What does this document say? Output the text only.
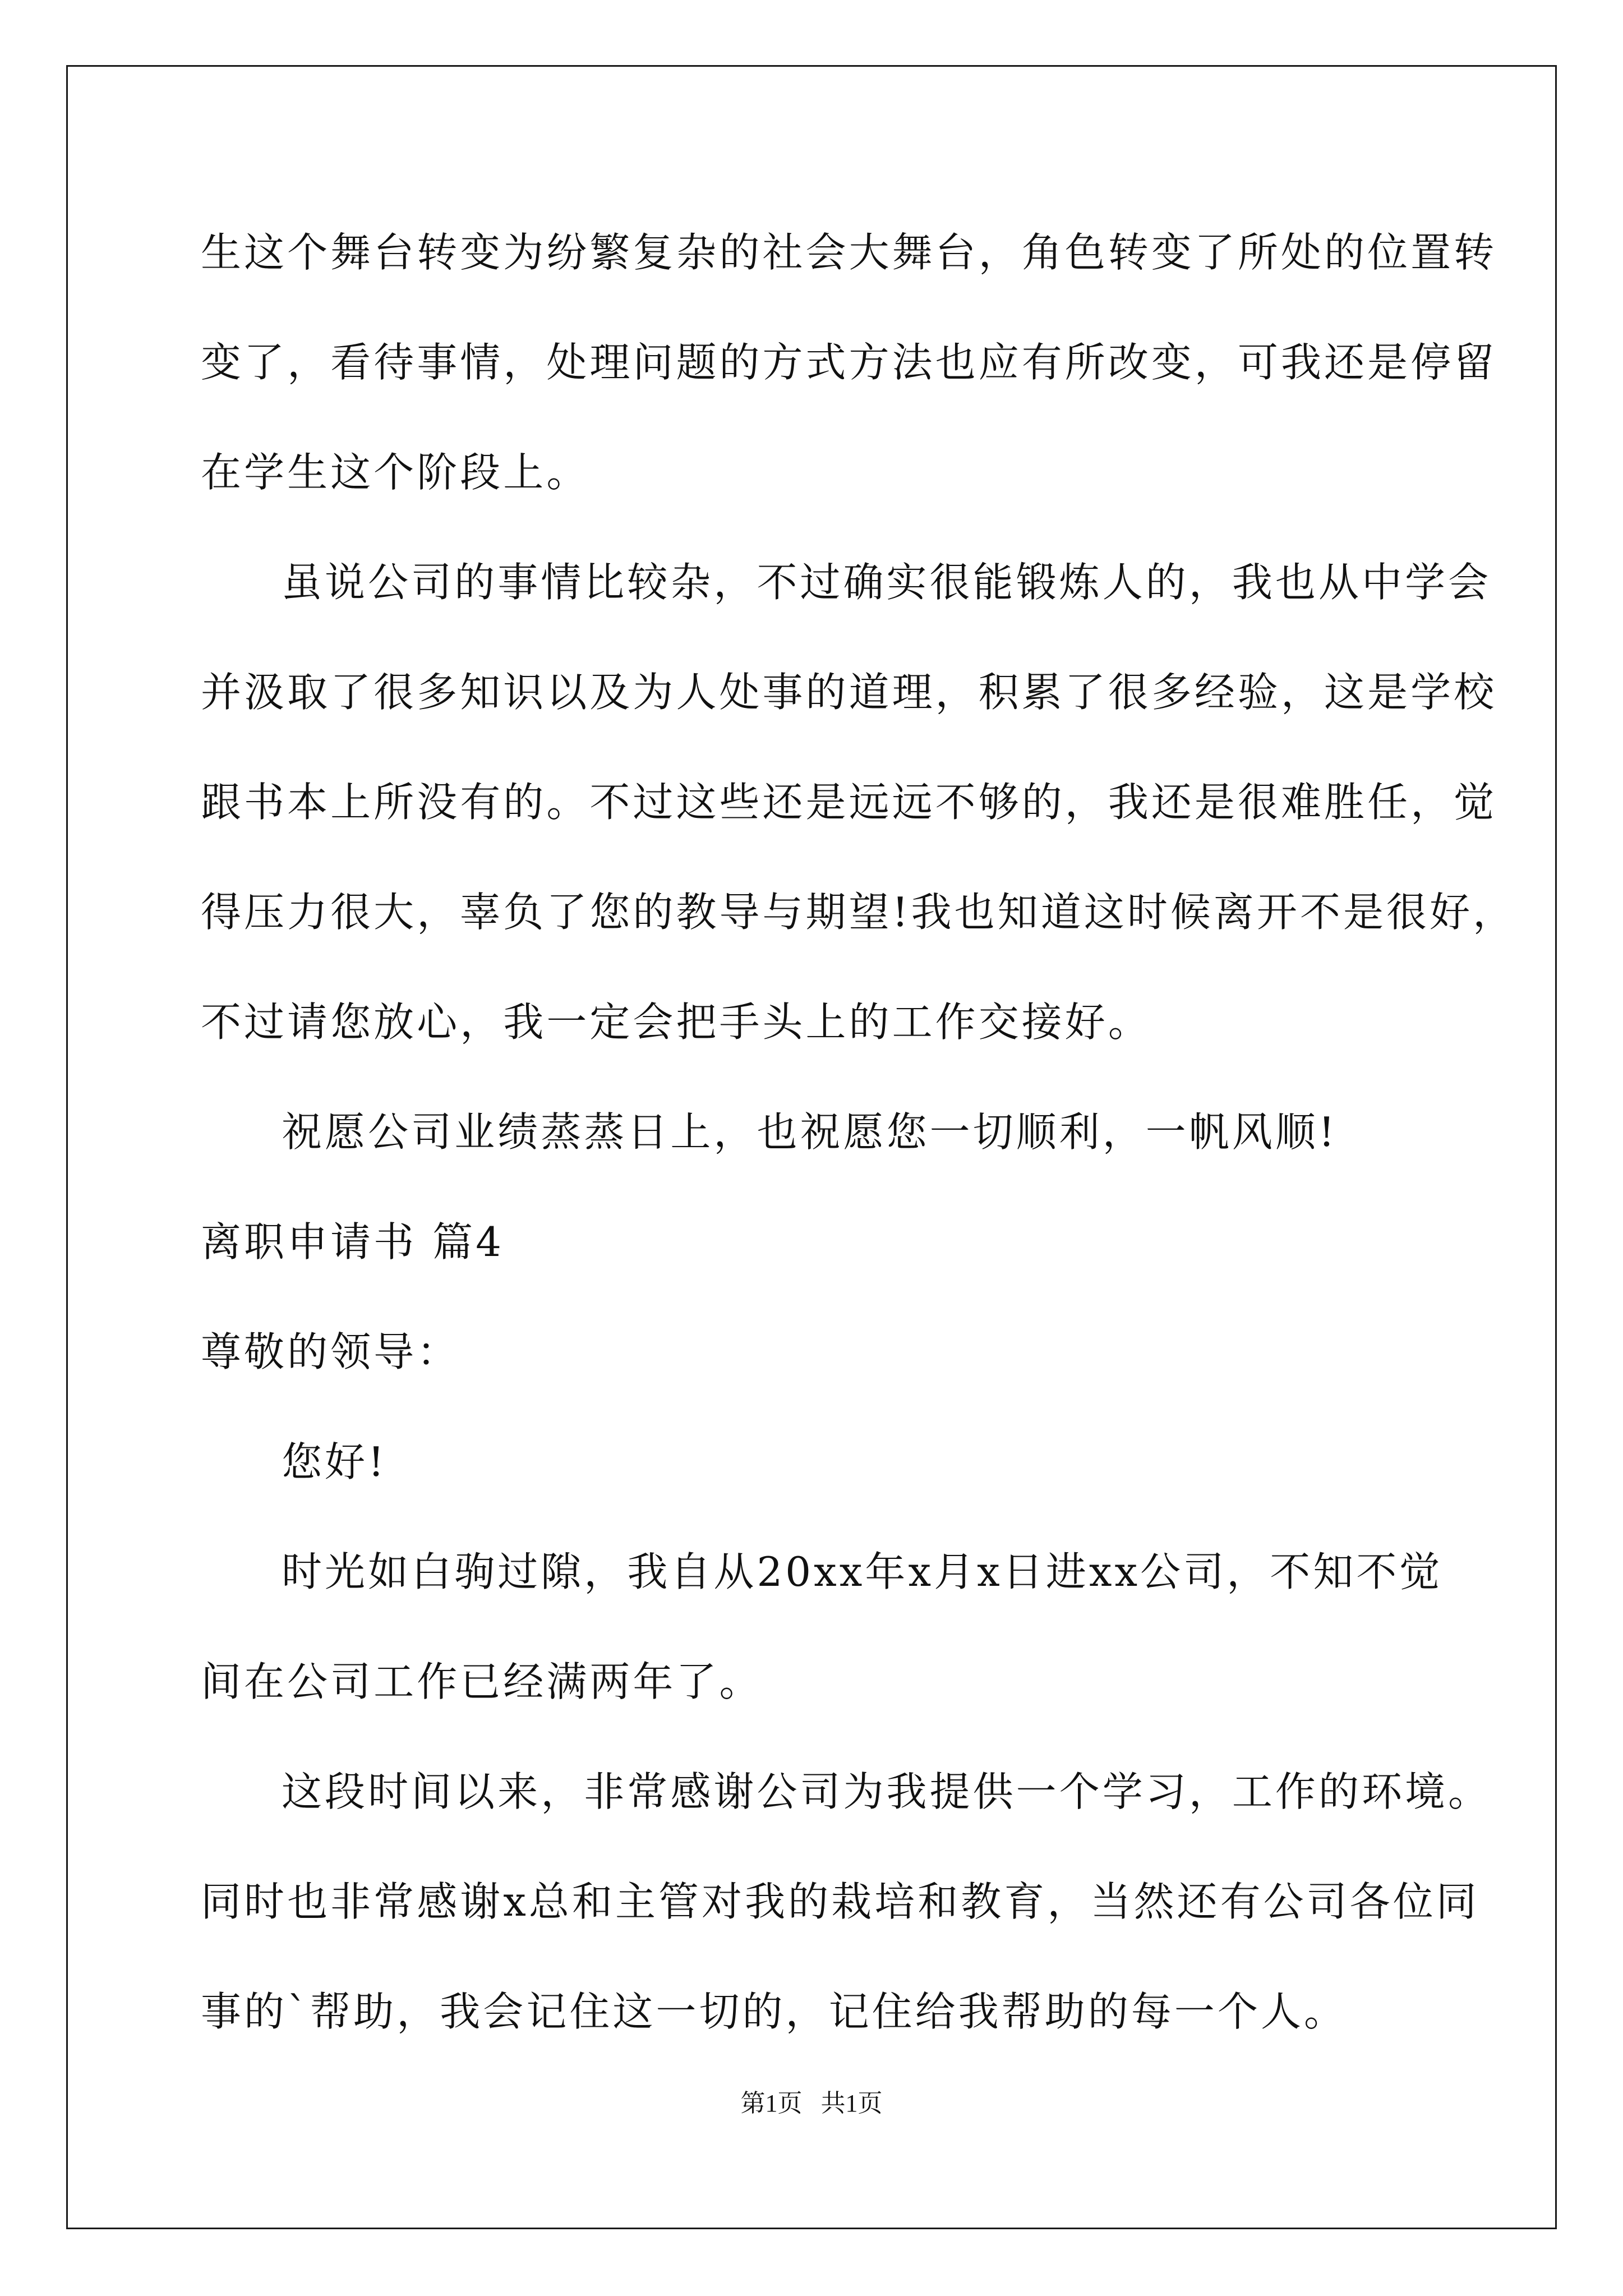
生这个舞台转变为纷繁复杂的社会大舞台，角色转变了所处的位置转
变了，看待事情，处理问题的方式方法也应有所改变，可我还是停留
在学生这个阶段上。
虽说公司的事情比较杂，不过确实很能锻炼人的，我也从中学会
并汲取了很多知识以及为人处事的道理，积累了很多经验，这是学校
跟书本上所没有的。不过这些还是远远不够的，我还是很难胜任，觉
得压力很大，辜负了您的教导与期望!我也知道这时候离开不是很好，
不过请您放心，我一定会把手头上的工作交接好。
祝愿公司业绩蒸蒸日上，也祝愿您一切顺利，一帆风顺!
离职申请书 篇4
尊敬的领导：
您好!
时光如白驹过隙，我自从20xx年x月x日进xx公司，不知不觉
间在公司工作已经满两年了。
这段时间以来，非常感谢公司为我提供一个学习，工作的环境。
同时也非常感谢x总和主管对我的栽培和教育，当然还有公司各位同
事的`帮助，我会记住这一切的，记住给我帮助的每一个人。
第1页   共1页
